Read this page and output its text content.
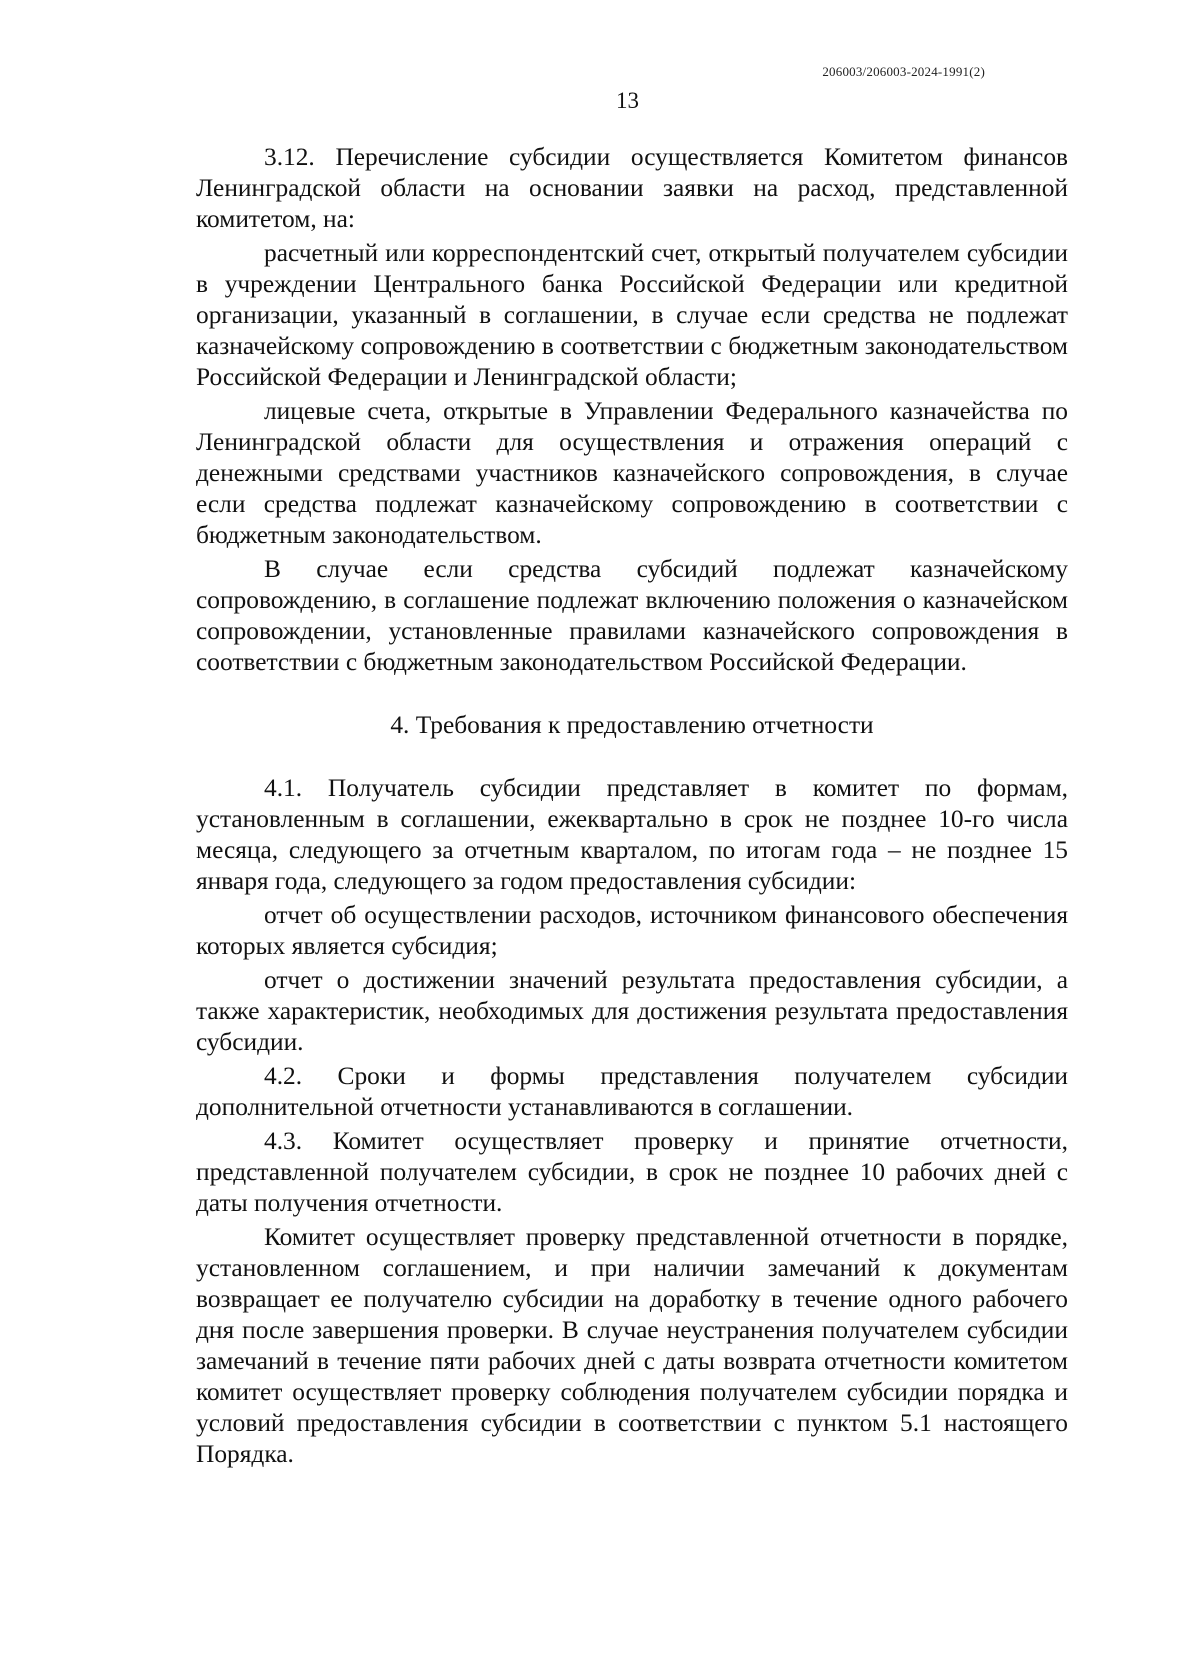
206003/206003-2024-1991(2)
13

3.12. Перечисление субсидии осуществляется Комитетом финансов Ленинградской области на основании заявки на расход, представленной комитетом, на:

расчетный или корреспондентский счет, открытый получателем субсидии в учреждении Центрального банка Российской Федерации или кредитной организации, указанный в соглашении, в случае если средства не подлежат казначейскому сопровождению в соответствии с бюджетным законодательством Российской Федерации и Ленинградской области;

лицевые счета, открытые в Управлении Федерального казначейства по Ленинградской области для осуществления и отражения операций с денежными средствами участников казначейского сопровождения, в случае если средства подлежат казначейскому сопровождению в соответствии с бюджетным законодательством.

В случае если средства субсидий подлежат казначейскому сопровождению, в соглашение подлежат включению положения о казначейском сопровождении, установленные правилами казначейского сопровождения в соответствии с бюджетным законодательством Российской Федерации.

4. Требования к предоставлению отчетности

4.1. Получатель субсидии представляет в комитет по формам, установленным в соглашении, ежеквартально в срок не позднее 10-го числа месяца, следующего за отчетным кварталом, по итогам года – не позднее 15 января года, следующего за годом предоставления субсидии:

отчет об осуществлении расходов, источником финансового обеспечения которых является субсидия;

отчет о достижении значений результата предоставления субсидии, а также характеристик, необходимых для достижения результата предоставления субсидии.

4.2. Сроки и формы представления получателем субсидии дополнительной отчетности устанавливаются в соглашении.

4.3. Комитет осуществляет проверку и принятие отчетности, представленной получателем субсидии, в срок не позднее 10 рабочих дней с даты получения отчетности.

Комитет осуществляет проверку представленной отчетности в порядке, установленном соглашением, и при наличии замечаний к документам возвращает ее получателю субсидии на доработку в течение одного рабочего дня после завершения проверки. В случае неустранения получателем субсидии замечаний в течение пяти рабочих дней с даты возврата отчетности комитетом комитет осуществляет проверку соблюдения получателем субсидии порядка и условий предоставления субсидии в соответствии с пунктом 5.1 настоящего Порядка.
